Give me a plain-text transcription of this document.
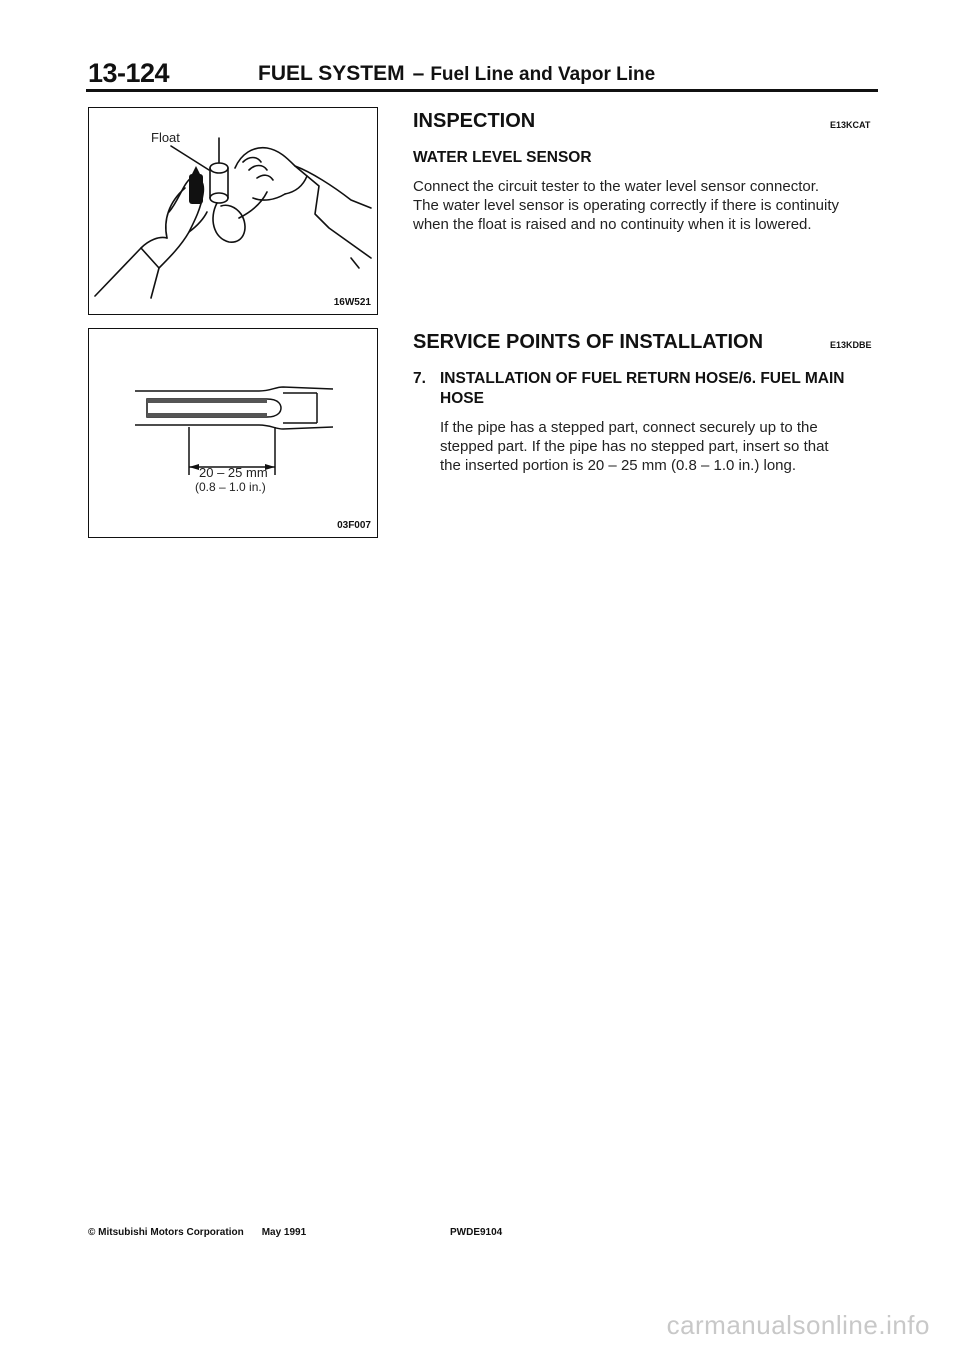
13-124	FUEL SYSTEM – Fuel Line and Vapor Line
Float
16W521
20 – 25 mm
(0.8 – 1.0 in.)
03F007
INSPECTION	E13KCAT
WATER LEVEL SENSOR
Connect the circuit tester to the water level sensor connector.
The water level sensor is operating correctly if there is continuity
when the float is raised and no continuity when it is lowered.
SERVICE POINTS OF INSTALLATION	E13KDBE
7. INSTALLATION OF FUEL RETURN HOSE/6. FUEL MAIN
HOSE
If the pipe has a stepped part, connect securely up to the
stepped part. If the pipe has no stepped part, insert so that
the inserted portion is 20 – 25 mm (0.8 – 1.0 in.) long.
© Mitsubishi Motors Corporation May 1991	PWDE9104
carmanualsonline.info
